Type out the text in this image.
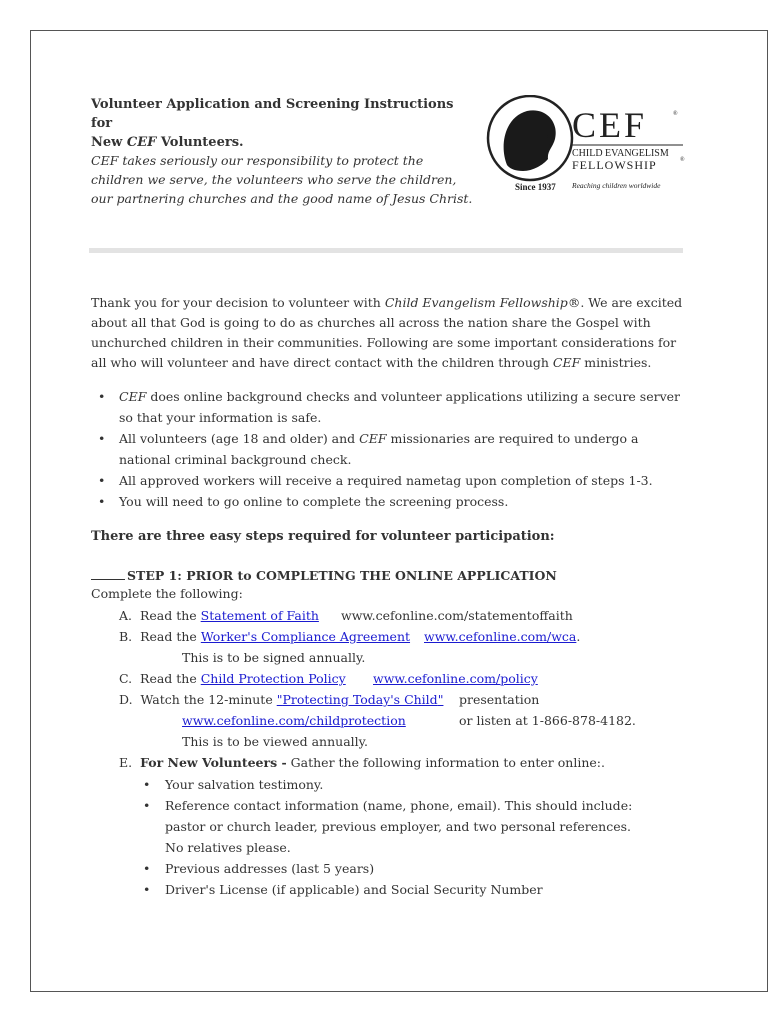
Volunteer Application and Screening Instructions for
New CEF Volunteers.
CEF takes seriously our responsibility to protect the children we serve, the volunteers who serve the children, our partnering churches and the good name of Jesus Christ.
Since 1937
CEF	®
CHILD EVANGELISM
FELLOWSHIP	®
Reaching children worldwide
Thank you for your decision to volunteer with Child Evangelism Fellowship®. We are excited about all that God is going to do as churches all across the nation share the Gospel with unchurched children in their communities. Following are some important considerations for all who will volunteer and have direct contact with the children through CEF ministries.
• CEF does online background checks and volunteer applications utilizing a secure server so that your information is safe.
• All volunteers (age 18 and older) and CEF missionaries are required to undergo a national criminal background check.
• All approved workers will receive a required nametag upon completion of steps 1-3.
• You will need to go online to complete the screening process.
There are three easy steps required for volunteer participation:
STEP 1: PRIOR to COMPLETING THE ONLINE APPLICATION
Complete the following:
A. Read the Statement of Faith www.cefonline.com/statementoffaith
B. Read the Worker's Compliance Agreement www.cefonline.com/wca.
This is to be signed annually.
C. Read the Child Protection Policy www.cefonline.com/policy
D. Watch the 12-minute "Protecting Today's Child" presentation
www.cefonline.com/childprotection	or listen at 1-866-878-4182.
This is to be viewed annually.
E. For New Volunteers - Gather the following information to enter online:.
• Your salvation testimony.
• Reference contact information (name, phone, email). This should include: pastor or church leader, previous employer, and two personal references. No relatives please.
• Previous addresses (last 5 years)
• Driver's License (if applicable) and Social Security Number
